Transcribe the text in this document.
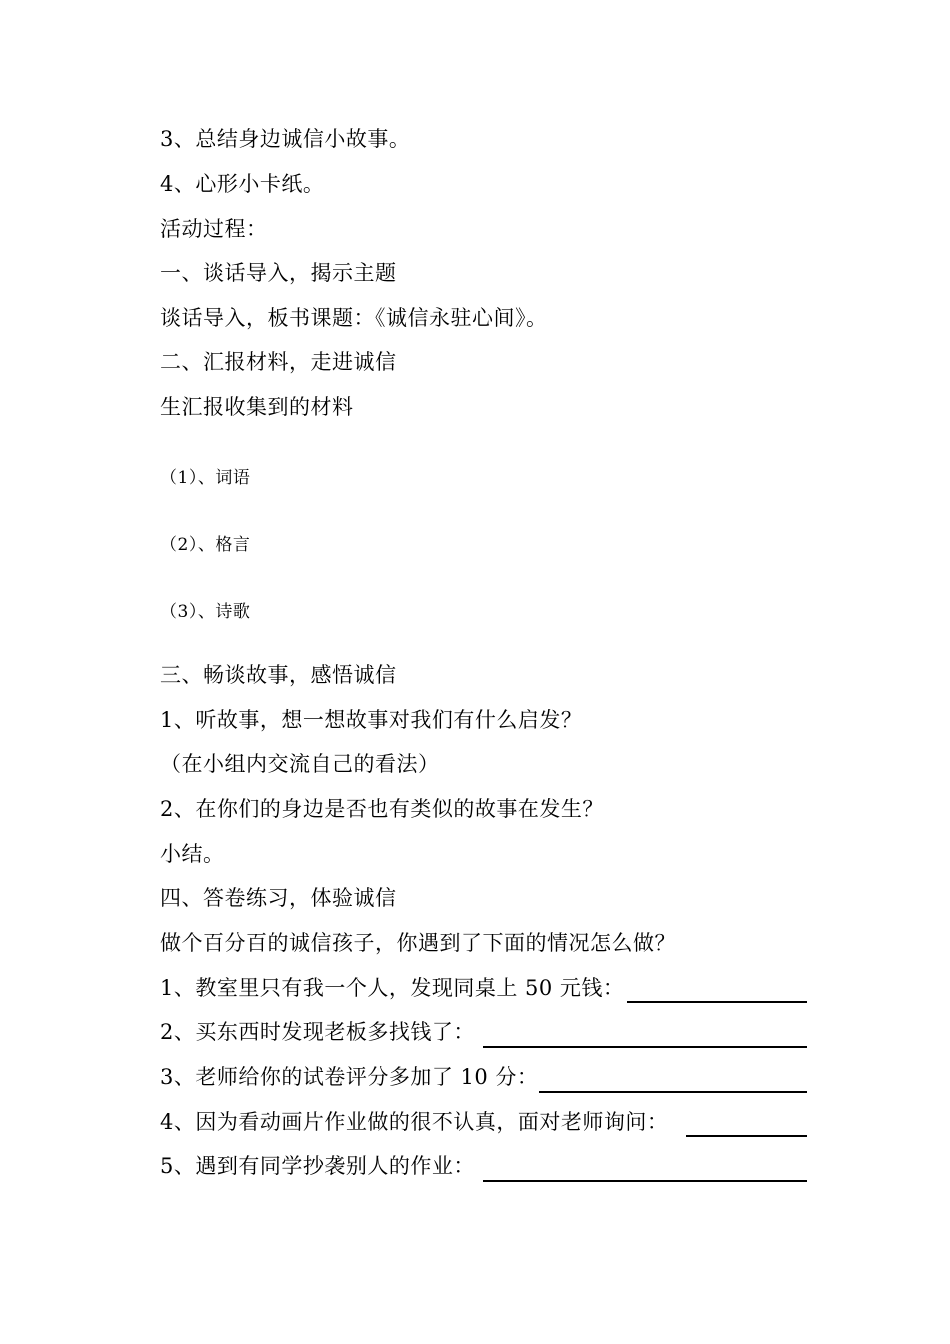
3、总结身边诚信小故事。
4、心形小卡纸。
活动过程：
一、谈话导入，揭示主题
谈话导入，板书课题：《诚信永驻心间》。
二、汇报材料，走进诚信
生汇报收集到的材料
（1）、词语
（2）、格言
（3）、诗歌
三、畅谈故事，感悟诚信
1、听故事，想一想故事对我们有什么启发？
（在小组内交流自己的看法）
2、在你们的身边是否也有类似的故事在发生？
小结。
四、答卷练习，体验诚信
做个百分百的诚信孩子，你遇到了下面的情况怎么做？
1、教室里只有我一个人，发现同桌上 50 元钱：
2、买东西时发现老板多找钱了：
3、老师给你的试卷评分多加了 10 分：
4、因为看动画片作业做的很不认真，面对老师询问：
5、遇到有同学抄袭别人的作业：
